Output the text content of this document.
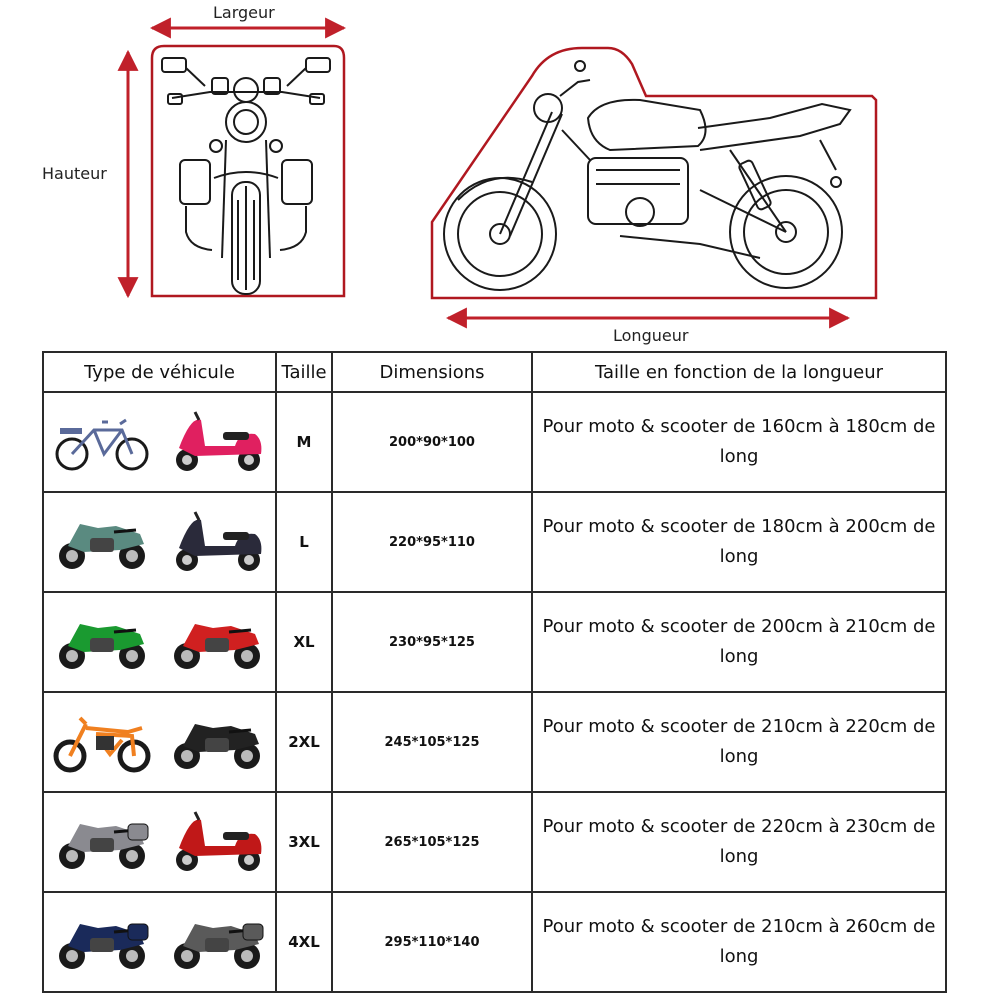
Largeur
Hauteur
Longueur
Type de véhicule	Taille	Dimensions	Taille en fonction de la longueur

	M	200*90*100	Pour moto & scooter de 160cm à 180cm de long

	L	220*95*110	Pour moto & scooter de 180cm à 200cm de long

	XL	230*95*125	Pour moto & scooter de 200cm à 210cm de long

	2XL	245*105*125	Pour moto & scooter de 210cm à 220cm de long

	3XL	265*105*125	Pour moto & scooter de 220cm à 230cm de long

	4XL	295*110*140	Pour moto & scooter de 210cm à 260cm de long
